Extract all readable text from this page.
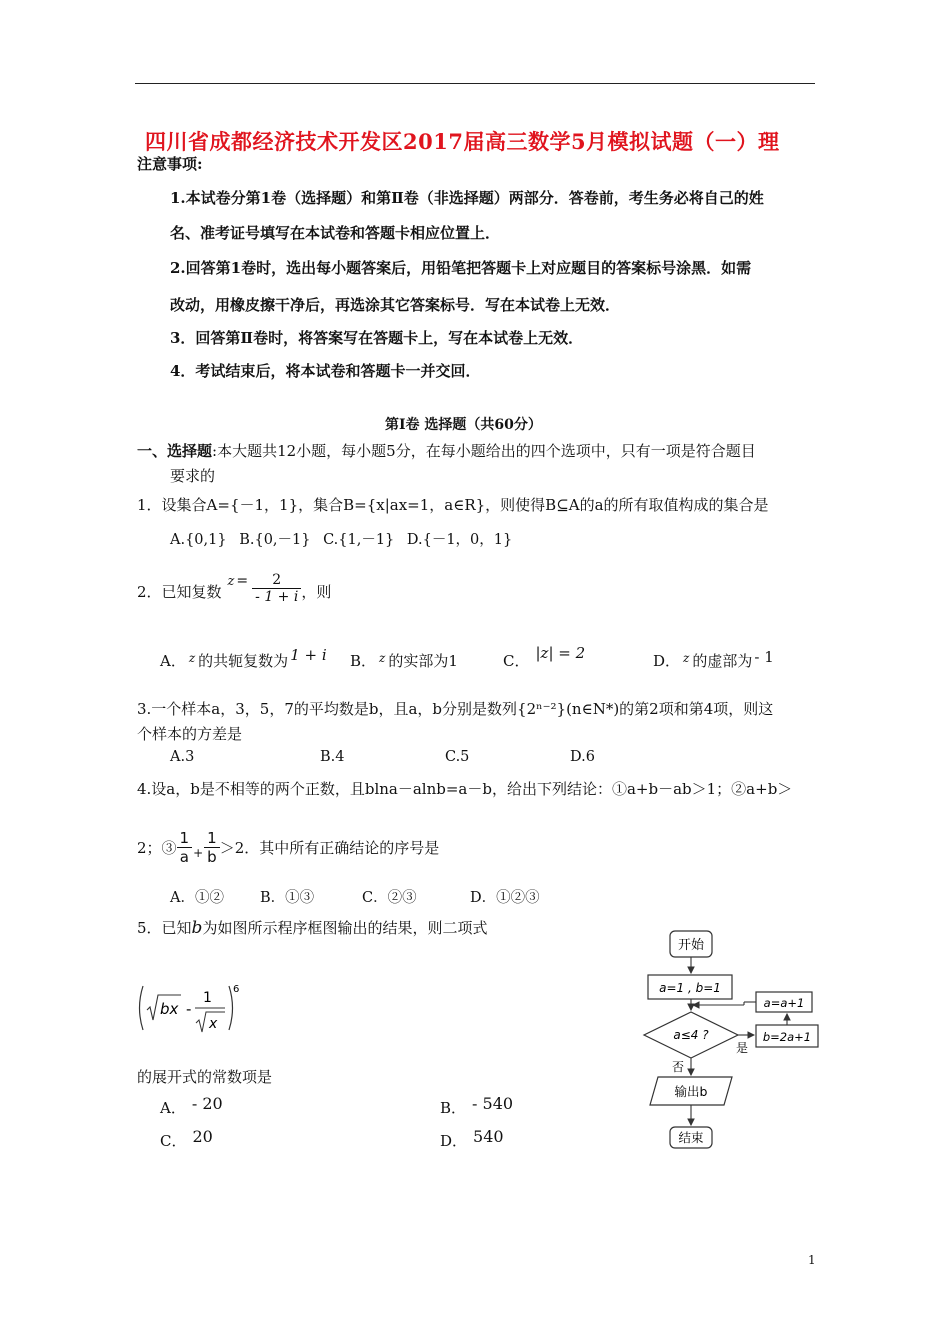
四川省成都经济技术开发区2017届高三数学5月模拟试题（一）理
注意事项:
1.本试卷分第1卷（选择题）和第Ⅱ卷（非选择题）两部分．答卷前，考生务必将自己的姓
名、准考证号填写在本试卷和答题卡相应位置上．
2.回答第1卷时，选出每小题答案后，用铅笔把答题卡上对应题目的答案标号涂黑．如需
改动，用橡皮擦干净后，再选涂其它答案标号．写在本试卷上无效．
3．回答第Ⅱ卷时，将答案写在答题卡上，写在本试卷上无效．
4．考试结束后，将本试卷和答题卡一并交回．
第Ⅰ卷 选择题（共60分）
一、选择题:本大题共12小题，每小题5分，在每小题给出的四个选项中，只有一项是符合题目
要求的
1．设集合A={－1，1}，集合B={x|ax=1，a∈R}，则使得B⊆A的a的所有取值构成的集合是
A.{0,1} B.{0,－1} C.{1,－1} D.{－1，0，1}
2．已知复数
$z = \frac{2}{- 1 + i}$ ，则
A． $^z$ 的共轭复数为 1 + i B． $^z$ 的实部为1	C． |z| = 2	D． $^z$ 的虚部为 - 1
3.一个样本a，3，5，7的平均数是b，且a，b分别是数列{2ⁿ⁻²}(n∈N*)的第2项和第4项，则这
个样本的方差是
A.3	B.4	C.5	D.6
4.设a，b是不相等的两个正数，且blna－alnb=a－b，给出下列结论：①a+b－ab＞1；②a+b＞
2；③ $\frac{1}{a} + \frac{1}{b} >2$．其中所有正确结论的序号是
A．①② B．①③	C．②③	D．①②③
5．已知b为如图所示程序框图输出的结果，则二项式
bx -
1
x
6
的展开式的常数项是
A． - 20	B． - 540
C． 20	D． 540
开始
a=1 , b=1
a≤4 ?
是
b=2a+1
a=a+1
否
输出b
结束
1
